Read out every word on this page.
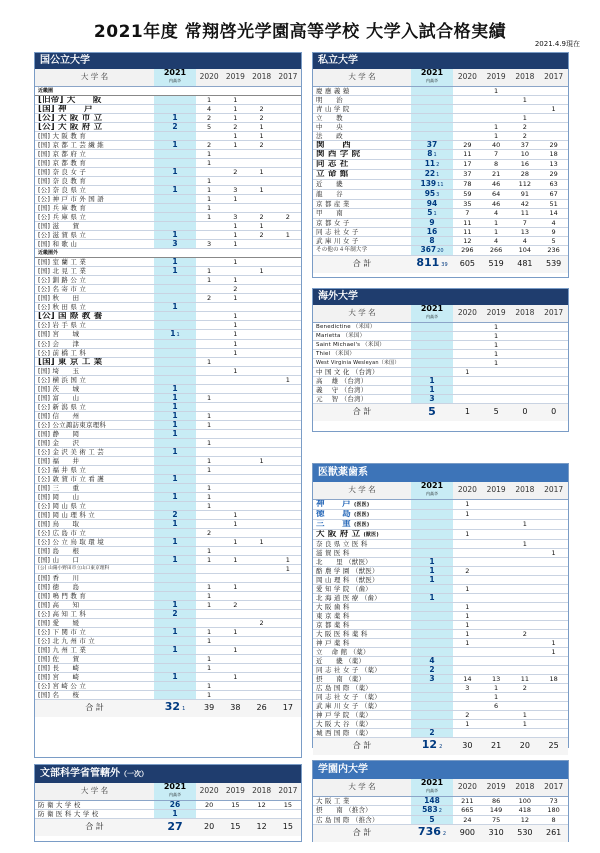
2021年度 常翔啓光学園高等学校 大学入試合格実績
2021.4.9現在
国公立大学
大 学 名	2021
内高卒	2020	2019	2018	2017
近畿圏					
[旧帝] 大　　阪		1	1		
[国] 神　　戸		4	1	2	
[公] 大 阪 市 立	1	2	1	2	
[公] 大 阪 府 立	2	5	2	1	
[国] 大 阪 教 育			1	1	
[国] 京 都 工 芸 繊 維	1	2	1	2	
[国] 京 都 府 立		1			
[国] 京 都 教 育		1			
[国] 奈 良 女 子	1		2	1	
[国] 奈 良 教 育		1			
[公] 奈 良 県 立	1	1	3	1	
[公] 神 戸 市 外 国 語		1	1		
[国] 兵 庫 教 育		1			
[公] 兵 庫 県 立		1	3	2	2
[国] 滋　　賀			1	1	
[公] 滋 賀 県 立	1		1	2	1
[国] 和 歌 山	3	3	1		
近畿圏外					
[国] 室 蘭 工 業	1		1		
[国] 北 見 工 業	1	1		1	
[公] 釧 路 公 立		1	1		
[公] 名 寄 市 立			2		
[国] 秋　　田		2	1		
[公] 秋 田 県 立	1				
[公] 国 際 教 養			1		
[公] 岩 手 県 立			1		
[国] 宮　　城	11		1		
[公] 会　　津			1		
[公] 前 橋 工 科			1		
[国] 東 京 工 業		1			
[国] 埼　　玉			1		
[公] 横 浜 国 立					1
[国] 茨　　城	1				
[国] 富　　山	1	1			
[公] 新 潟 県 立	1				
[国] 信　　州	1	1			
[公] 公立諏訪東京理科	1	1			
[国] 静　　岡	1				
[国] 金　　沢		1			
[公] 金 沢 美 術 工 芸	1				
[国] 福　　井		1		1	
[公] 福 井 県 立		1			
[公] 敦 賀 市 立 看 護	1				
[国] 三　　重		1			
[国] 岡　　山	1	1			
[公] 岡 山 県 立		1			
[国] 岡 山 理 科 立	2		1		
[国] 鳥　　取	1		1		
[公] 広 島 市 立		2			
[公] 公 立 鳥 取 環 境	1		1	1	
[国] 島　　根		1			
[国] 山　　口	1	1	1		1
[公] 山陽小野田市立山口東京理科					1
[国] 香　　川					
[国] 徳　　島		1	1		
[国] 鳴 門 教 育		1			
[国] 高　　知	1	1	2		
[公] 高 知 工 科	2				
[国] 愛　　媛				2	
[公] 下 関 市 立	1	1	1		
[公] 北 九 州 市 立		1			
[国] 九 州 工 業	1		1		
[国] 佐　　賀		1			
[国] 長　　崎		1			
[国] 宮　　崎	1		1		
[公] 宮 崎 公 立		1			
[国] 名　　桜		1			
合 計	32 1	39	38	26	17
私立大学
大 学 名	2021
内高卒	2020	2019	2018	2017
慶 應 義 塾			1		
明　　治				1	
青 山 学 院					1
立　　教				1	
中　　央			1	2	
法　　政			1	2	
関　　西	37	29	40	37	29
関 西 学 院	81	11	7	10	18
同 志 社	112	17	8	16	13
立 命 館	221	37	21	28	29
近　　畿	13911	78	46	112	63
龍　　谷	953	59	64	91	67
京 都 産 業	94	35	46	42	51
甲　　南	51	7	4	11	14
京 都 女 子	9	11	1	7	4
同 志 社 女 子	16	11	1	13	9
武 庫 川 女 子	8	12	4	4	5
その他の４年制大学	36720	296	266	104	236
合 計	811 39	605	519	481	539
海外大学
大 学 名	2021
内高卒	2020	2019	2018	2017
Benedictine （米国）			1		
Marietta （米国）			1		
Saint Michael's （米国）			1		
Thiel （米国）			1		
West Virginia Wesleyan（米国）			1		
中 国 文 化 （台湾）		1			
高　 雄 （台湾）	1				
義　 守 （台湾）	1				
元　 智 （台湾）	3				
合 計	5	1	5	0	0
医獣薬歯系
大 学 名	2021
内高卒	2020	2019	2018	2017
神　　戸 (医医)		1			
徳　　島 (医医)		1			
三　　重 (医医)				1	
大 阪 府 立 (獣医)		1			
奈 良 県 立 医 科				1	
滋 賀 医 科					1
北　　里 （獣医）	1				
酪 農 学 園 （獣医）	1	2			
岡 山 理 科 （獣医）	1				
愛 知 学 院 （歯）		1			
北 海 道 医 療 （歯）	1				
大 阪 歯 科		1			
東 京 薬 科		1			
京 都 薬 科		1			
大 阪 医 科 薬 科		1		2	
神 戸 薬 科		1			1
立　 命 館 （薬）					1
近　　畿 （薬）	4				
同 志 社 女 子 （薬）	2				
摂　　南 （薬）	3	14	13	11	18
広 島 国 際 （薬）		3	1	2	
同 志 社 女 子 （薬）			1		
武 庫 川 女 子 （薬）			6		
神 戸 学 院 （薬）		2		1	
大 阪 大 谷 （薬）		1		1	
城 西 国 際 （薬）	2				
合 計	12 2	30	21	20	25
文部科学省管轄外（一次）
大 学 名	2021
内高卒	2020	2019	2018	2017
防 衛 大 学 校	26	20	15	12	15
防 衛 医 科 大 学 校	1				
合 計	27	20	15	12	15
学園内大学
大 学 名	2021
内高卒	2020	2019	2018	2017
大 阪 工 業	148	211	86	100	73
摂　　南 （推含）	5832	665	149	418	180
広 島 国 際 （推含）	5	24	75	12	8
合 計	736 2	900	310	530	261
